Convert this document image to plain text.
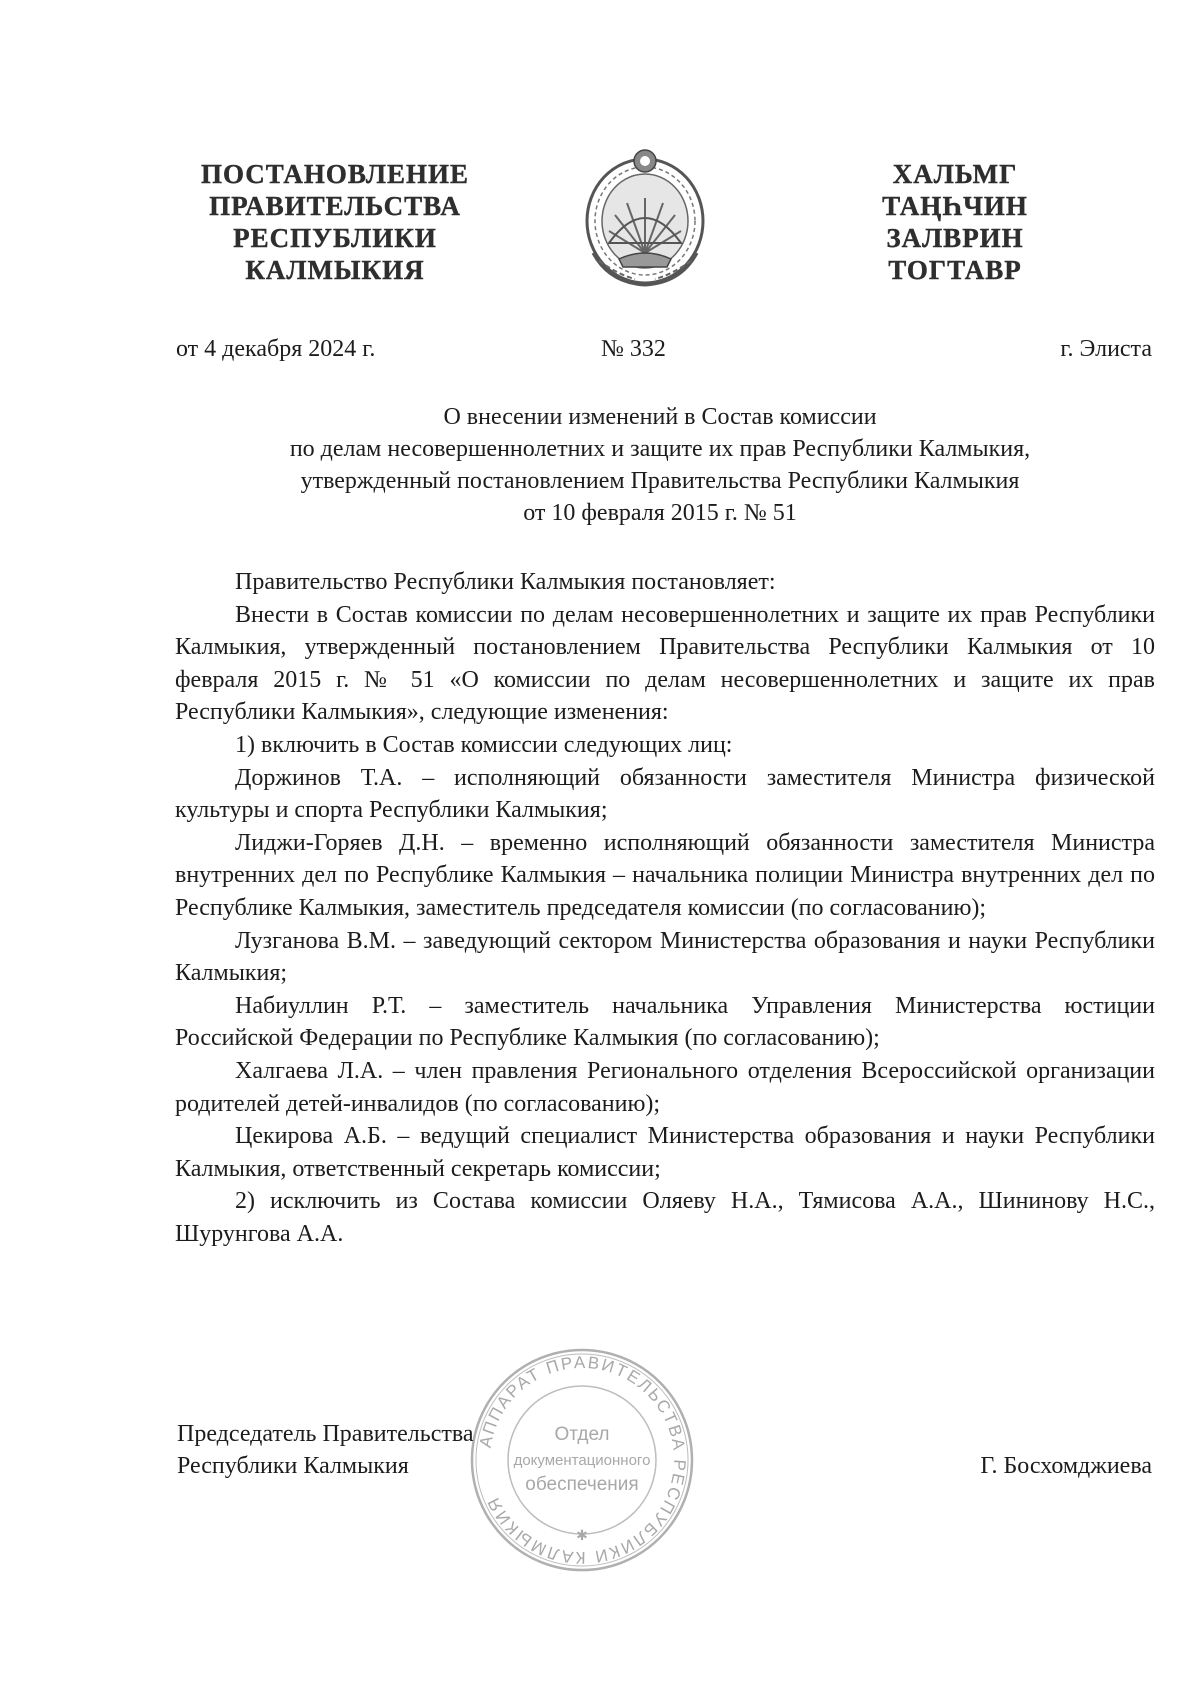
ПОСТАНОВЛЕНИЕ
ПРАВИТЕЛЬСТВА
РЕСПУБЛИКИ
КАЛМЫКИЯ
ХАЛЬМГ
ТАҢҺЧИН
ЗАЛВРИН
ТОГТАВР
от 4 декабря 2024 г.	№ 332	г. Элиста
О внесении изменений в Состав комиссии
по делам несовершеннолетних и защите их прав Республики Калмыкия,
утвержденный постановлением Правительства Республики Калмыкия
от 10 февраля 2015 г. № 51

Правительство Республики Калмыкия постановляет:

Внести в Состав комиссии по делам несовершеннолетних и защите их прав Республики Калмыкия, утвержденный постановлением Правительства Республики Калмыкия от 10 февраля 2015 г. № 51 «О комиссии по делам несовершеннолетних и защите их прав Республики Калмыкия», следующие изменения:

1) включить в Состав комиссии следующих лиц:

Доржинов Т.А. – исполняющий обязанности заместителя Министра физической культуры и спорта Республики Калмыкия;

Лиджи-Горяев Д.Н. – временно исполняющий обязанности заместителя Министра внутренних дел по Республике Калмыкия – начальника полиции Министра внутренних дел по Республике Калмыкия, заместитель председателя комиссии (по согласованию);

Лузганова В.М. – заведующий сектором Министерства образования и науки Республики Калмыкия;

Набиуллин Р.Т. – заместитель начальника Управления Министерства юстиции Российской Федерации по Республике Калмыкия (по согласованию);

Халгаева Л.А. – член правления Регионального отделения Всероссийской организации родителей детей-инвалидов (по согласованию);

Цекирова А.Б. – ведущий специалист Министерства образования и науки Республики Калмыкия, ответственный секретарь комиссии;

2) исключить из Состава комиссии Оляеву Н.А., Тямисова А.А., Шининову Н.С., Шурунгова А.А.

АППАРАТ ПРАВИТЕЛЬСТВА РЕСПУБЛИКИ КАЛМЫКИЯ
Отдел
документационного
обеспечения
✱
Председатель Правительства
Республики Калмыкия	Г. Босхомджиева
